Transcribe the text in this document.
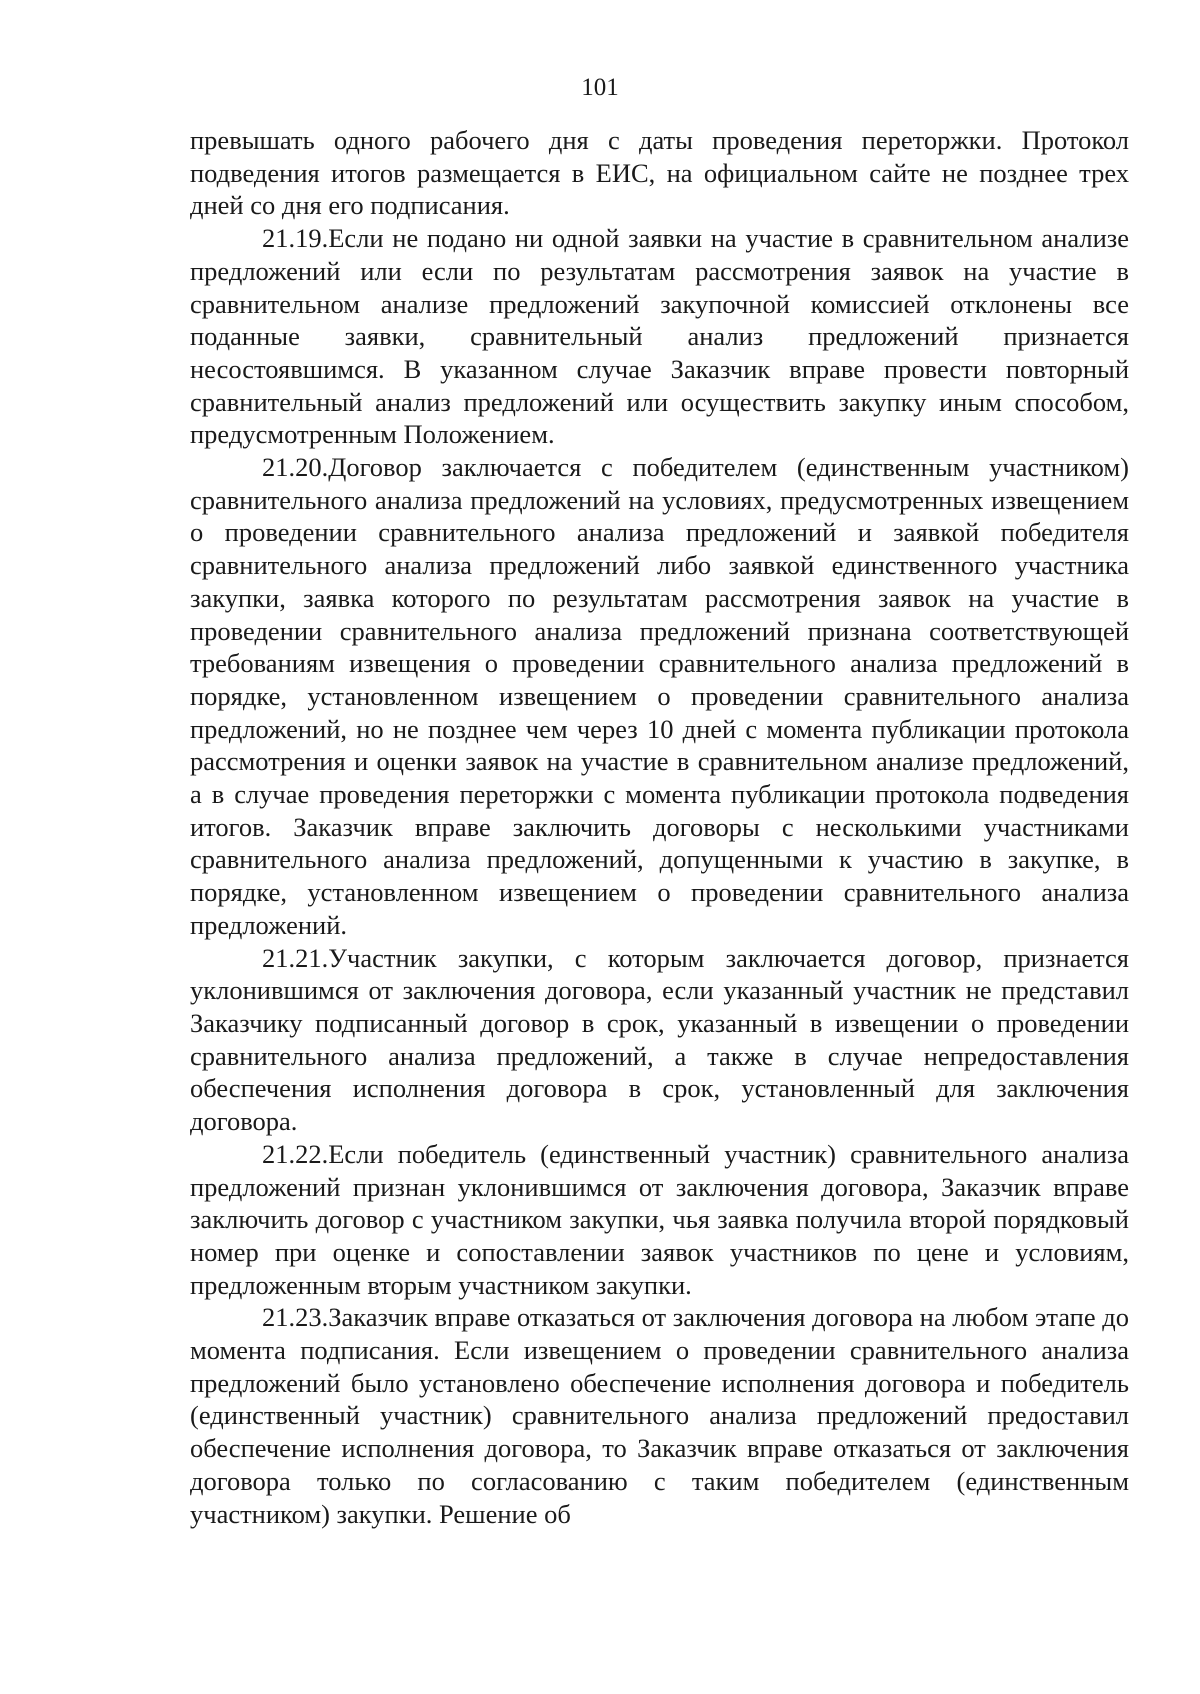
101

превышать одного рабочего дня с даты проведения переторжки. Протокол подведения итогов размещается в ЕИС, на официальном сайте не позднее трех дней со дня его подписания.

21.19.Если не подано ни одной заявки на участие в сравнительном анализе предложений или если по результатам рассмотрения заявок на участие в сравнительном анализе предложений закупочной комиссией отклонены все поданные заявки, сравнительный анализ предложений признается несостоявшимся. В указанном случае Заказчик вправе провести повторный сравнительный анализ предложений или осуществить закупку иным способом, предусмотренным Положением.

21.20.Договор заключается с победителем (единственным участником) сравнительного анализа предложений на условиях, предусмотренных извещением о проведении сравнительного анализа предложений и заявкой победителя сравнительного анализа предложений либо заявкой единственного участника закупки, заявка которого по результатам рассмотрения заявок на участие в проведении сравнительного анализа предложений признана соответствующей требованиям извещения о проведении сравнительного анализа предложений в порядке, установленном извещением о проведении сравнительного анализа предложений, но не позднее чем через 10 дней с момента публикации протокола рассмотрения и оценки заявок на участие в сравнительном анализе предложений, а в случае проведения переторжки с момента публикации протокола подведения итогов. Заказчик вправе заключить договоры с несколькими участниками сравнительного анализа предложений, допущенными к участию в закупке, в порядке, установленном извещением о проведении сравнительного анализа предложений.

21.21.Участник закупки, с которым заключается договор, признается уклонившимся от заключения договора, если указанный участник не представил Заказчику подписанный договор в срок, указанный в извещении о проведении сравнительного анализа предложений, а также в случае непредоставления обеспечения исполнения договора в срок, установленный для заключения договора.

21.22.Если победитель (единственный участник) сравнительного анализа предложений признан уклонившимся от заключения договора, Заказчик вправе заключить договор с участником закупки, чья заявка получила второй порядковый номер при оценке и сопоставлении заявок участников по цене и условиям, предложенным вторым участником закупки.

21.23.Заказчик вправе отказаться от заключения договора на любом этапе до момента подписания. Если извещением о проведении сравнительного анализа предложений было установлено обеспечение исполнения договора и победитель (единственный участник) сравнительного анализа предложений предоставил обеспечение исполнения договора, то Заказчик вправе отказаться от заключения договора только по согласованию с таким победителем (единственным участником) закупки. Решение об
